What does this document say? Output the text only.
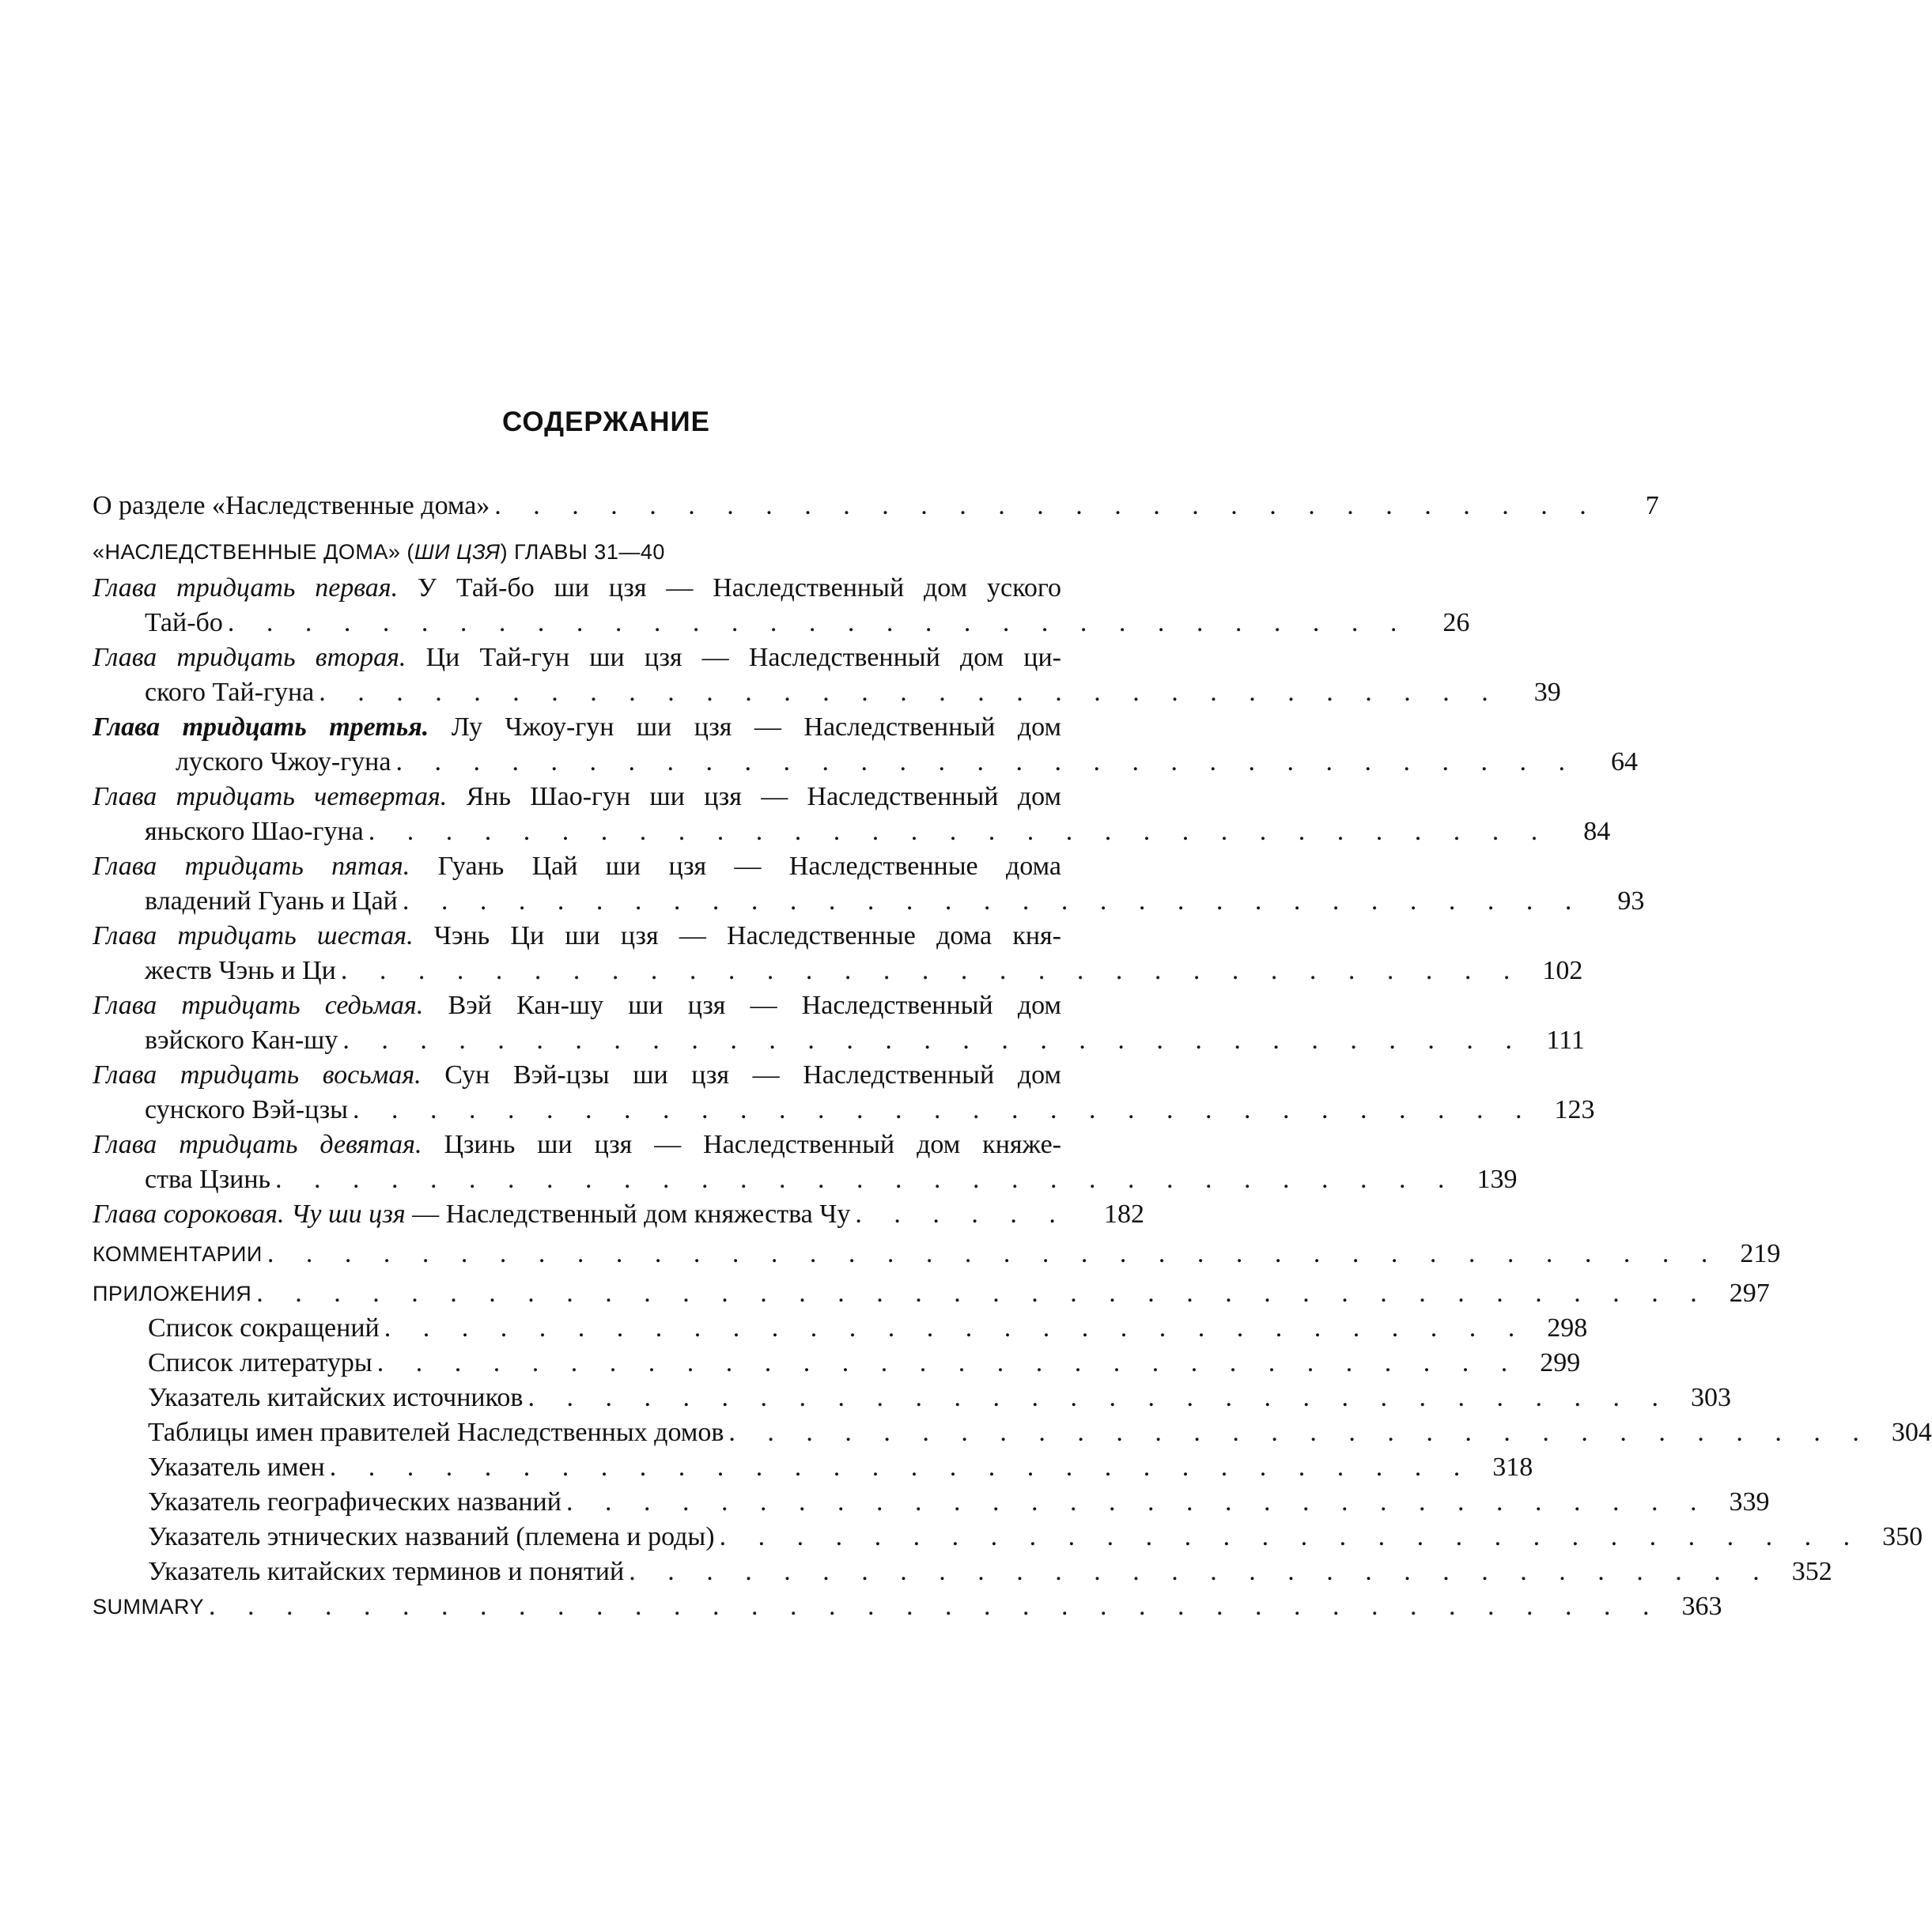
СОДЕРЖАНИЕ
О разделе «Наследственные дома» . . . . . . . . . . . . . . . . . . . . . . . . . . . . .	7
«НАСЛЕДСТВЕННЫЕ ДОМА» (ШИ ЦЗЯ) ГЛАВЫ 31—40
Глава тридцать первая. У Тай-бо ши цзя — Наследственный дом уского
Тай-бо . . . . . . . . . . . . . . . . . . . . . . . . . . . . . . .	26
Глава тридцать вторая. Ци Тай-гун ши цзя — Наследственный дом ци-
ского Тай-гуна . . . . . . . . . . . . . . . . . . . . . . . . . . . . . . .	39
Глава тридцать третья. Лу Чжоу-гун ши цзя — Наследственный дом
луского Чжоу-гуна . . . . . . . . . . . . . . . . . . . . . . . . . . . . . . .	64
Глава тридцать четвертая. Янь Шао-гун ши цзя — Наследственный дом
яньского Шао-гуна . . . . . . . . . . . . . . . . . . . . . . . . . . . . . . .	84
Глава тридцать пятая. Гуань Цай ши цзя — Наследственные дома
владений Гуань и Цай . . . . . . . . . . . . . . . . . . . . . . . . . . . . . . .	93
Глава тридцать шестая. Чэнь Ци ши цзя — Наследственные дома кня-
жеств Чэнь и Ци . . . . . . . . . . . . . . . . . . . . . . . . . . . . . . . 102
Глава тридцать седьмая. Вэй Кан-шу ши цзя — Наследственный дом
вэйского Кан-шу . . . . . . . . . . . . . . . . . . . . . . . . . . . . . . . 111
Глава тридцать восьмая. Сун Вэй-цзы ши цзя — Наследственный дом
сунского Вэй-цзы . . . . . . . . . . . . . . . . . . . . . . . . . . . . . . . 123
Глава тридцать девятая. Цзинь ши цзя — Наследственный дом княже-
ства Цзинь . . . . . . . . . . . . . . . . . . . . . . . . . . . . . . . 139
Глава сороковая. Чу ши цзя — Наследственный дом княжества Чу . . . . . .	182
КОММЕНТАРИИ . . . . . . . . . . . . . . . . . . . . . . . . . . . . . . . . . . . . . . 219
ПРИЛОЖЕНИЯ . . . . . . . . . . . . . . . . . . . . . . . . . . . . . . . . . . . . . . 297
Список сокращений . . . . . . . . . . . . . . . . . . . . . . . . . . . . . . 298
Список литературы . . . . . . . . . . . . . . . . . . . . . . . . . . . . . . 299
Указатель китайских источников . . . . . . . . . . . . . . . . . . . . . . . . . . . . . . 303
Таблицы имен правителей Наследственных домов . . . . . . . . . . . . . . . . . . . . . . . . . . . . . . 304
Указатель имен . . . . . . . . . . . . . . . . . . . . . . . . . . . . . . 318
Указатель географических названий . . . . . . . . . . . . . . . . . . . . . . . . . . . . . . 339
Указатель этнических названий (племена и роды) . . . . . . . . . . . . . . . . . . . . . . . . . . . . . . 350
Указатель китайских терминов и понятий . . . . . . . . . . . . . . . . . . . . . . . . . . . . . . 352
SUMMARY . . . . . . . . . . . . . . . . . . . . . . . . . . . . . . . . . . . . . . 363
